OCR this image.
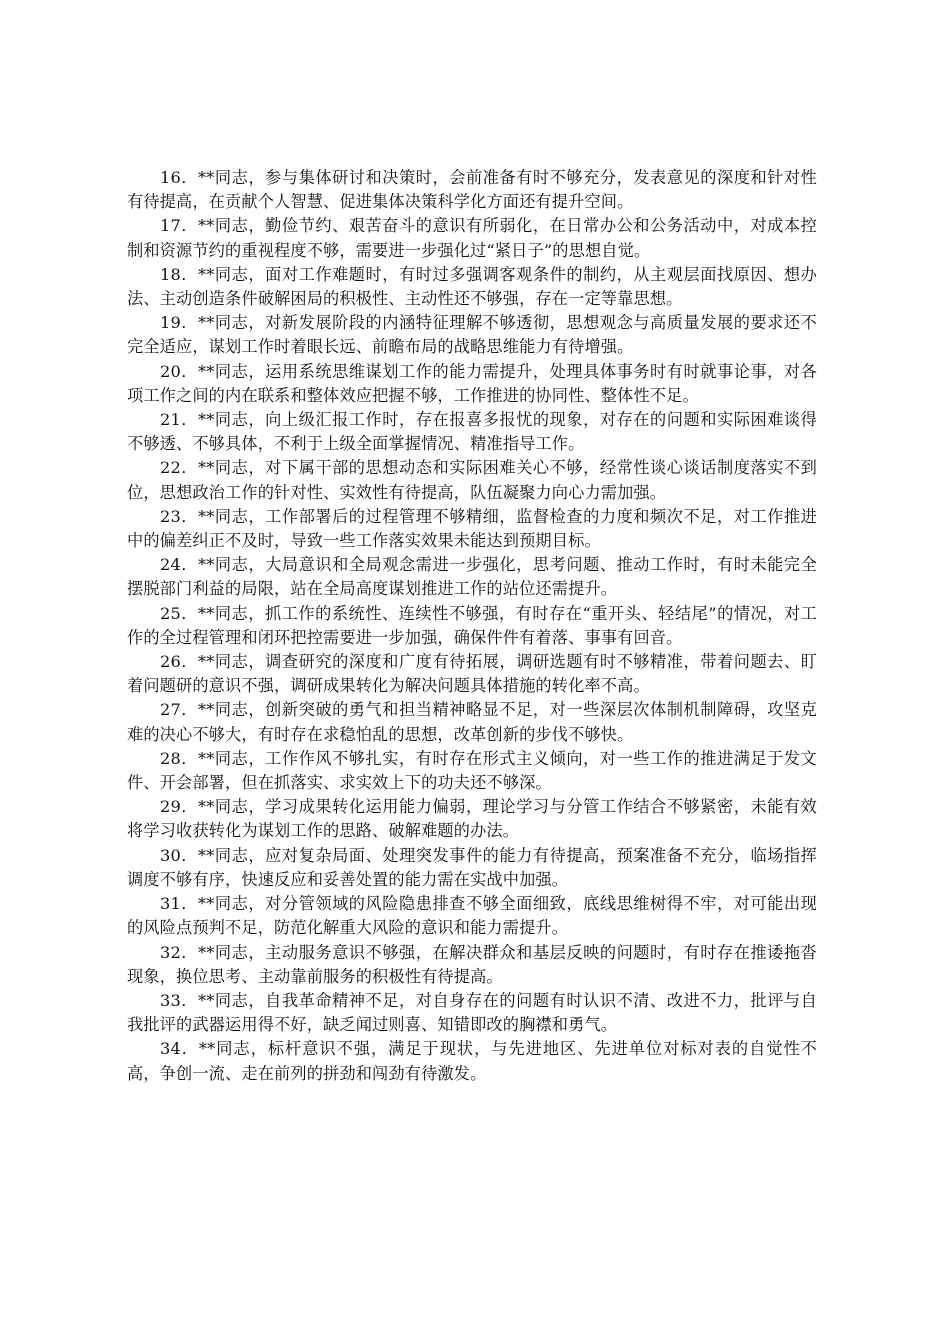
16．**同志，参与集体研讨和决策时，会前准备有时不够充分，发表意见的深度和针对性有待提高，在贡献个人智慧、促进集体决策科学化方面还有提升空间。

17．**同志，勤俭节约、艰苦奋斗的意识有所弱化，在日常办公和公务活动中，对成本控制和资源节约的重视程度不够，需要进一步强化过“紧日子”的思想自觉。

18．**同志，面对工作难题时，有时过多强调客观条件的制约，从主观层面找原因、想办法、主动创造条件破解困局的积极性、主动性还不够强，存在一定等靠思想。

19．**同志，对新发展阶段的内涵特征理解不够透彻，思想观念与高质量发展的要求还不完全适应，谋划工作时着眼长远、前瞻布局的战略思维能力有待增强。

20．**同志，运用系统思维谋划工作的能力需提升，处理具体事务时有时就事论事，对各项工作之间的内在联系和整体效应把握不够，工作推进的协同性、整体性不足。

21．**同志，向上级汇报工作时，存在报喜多报忧的现象，对存在的问题和实际困难谈得不够透、不够具体，不利于上级全面掌握情况、精准指导工作。

22．**同志，对下属干部的思想动态和实际困难关心不够，经常性谈心谈话制度落实不到位，思想政治工作的针对性、实效性有待提高，队伍凝聚力向心力需加强。

23．**同志，工作部署后的过程管理不够精细，监督检查的力度和频次不足，对工作推进中的偏差纠正不及时，导致一些工作落实效果未能达到预期目标。

24．**同志，大局意识和全局观念需进一步强化，思考问题、推动工作时，有时未能完全摆脱部门利益的局限，站在全局高度谋划推进工作的站位还需提升。

25．**同志，抓工作的系统性、连续性不够强，有时存在“重开头、轻结尾”的情况，对工作的全过程管理和闭环把控需要进一步加强，确保件件有着落、事事有回音。

26．**同志，调查研究的深度和广度有待拓展，调研选题有时不够精准，带着问题去、盯着问题研的意识不强，调研成果转化为解决问题具体措施的转化率不高。

27．**同志，创新突破的勇气和担当精神略显不足，对一些深层次体制机制障碍，攻坚克难的决心不够大，有时存在求稳怕乱的思想，改革创新的步伐不够快。

28．**同志，工作作风不够扎实，有时存在形式主义倾向，对一些工作的推进满足于发文件、开会部署，但在抓落实、求实效上下的功夫还不够深。

29．**同志，学习成果转化运用能力偏弱，理论学习与分管工作结合不够紧密，未能有效将学习收获转化为谋划工作的思路、破解难题的办法。

30．**同志，应对复杂局面、处理突发事件的能力有待提高，预案准备不充分，临场指挥调度不够有序，快速反应和妥善处置的能力需在实战中加强。

31．**同志，对分管领域的风险隐患排查不够全面细致，底线思维树得不牢，对可能出现的风险点预判不足，防范化解重大风险的意识和能力需提升。

32．**同志，主动服务意识不够强，在解决群众和基层反映的问题时，有时存在推诿拖沓现象，换位思考、主动靠前服务的积极性有待提高。

33．**同志，自我革命精神不足，对自身存在的问题有时认识不清、改进不力，批评与自我批评的武器运用得不好，缺乏闻过则喜、知错即改的胸襟和勇气。

34．**同志，标杆意识不强，满足于现状，与先进地区、先进单位对标对表的自觉性不高，争创一流、走在前列的拼劲和闯劲有待激发。
